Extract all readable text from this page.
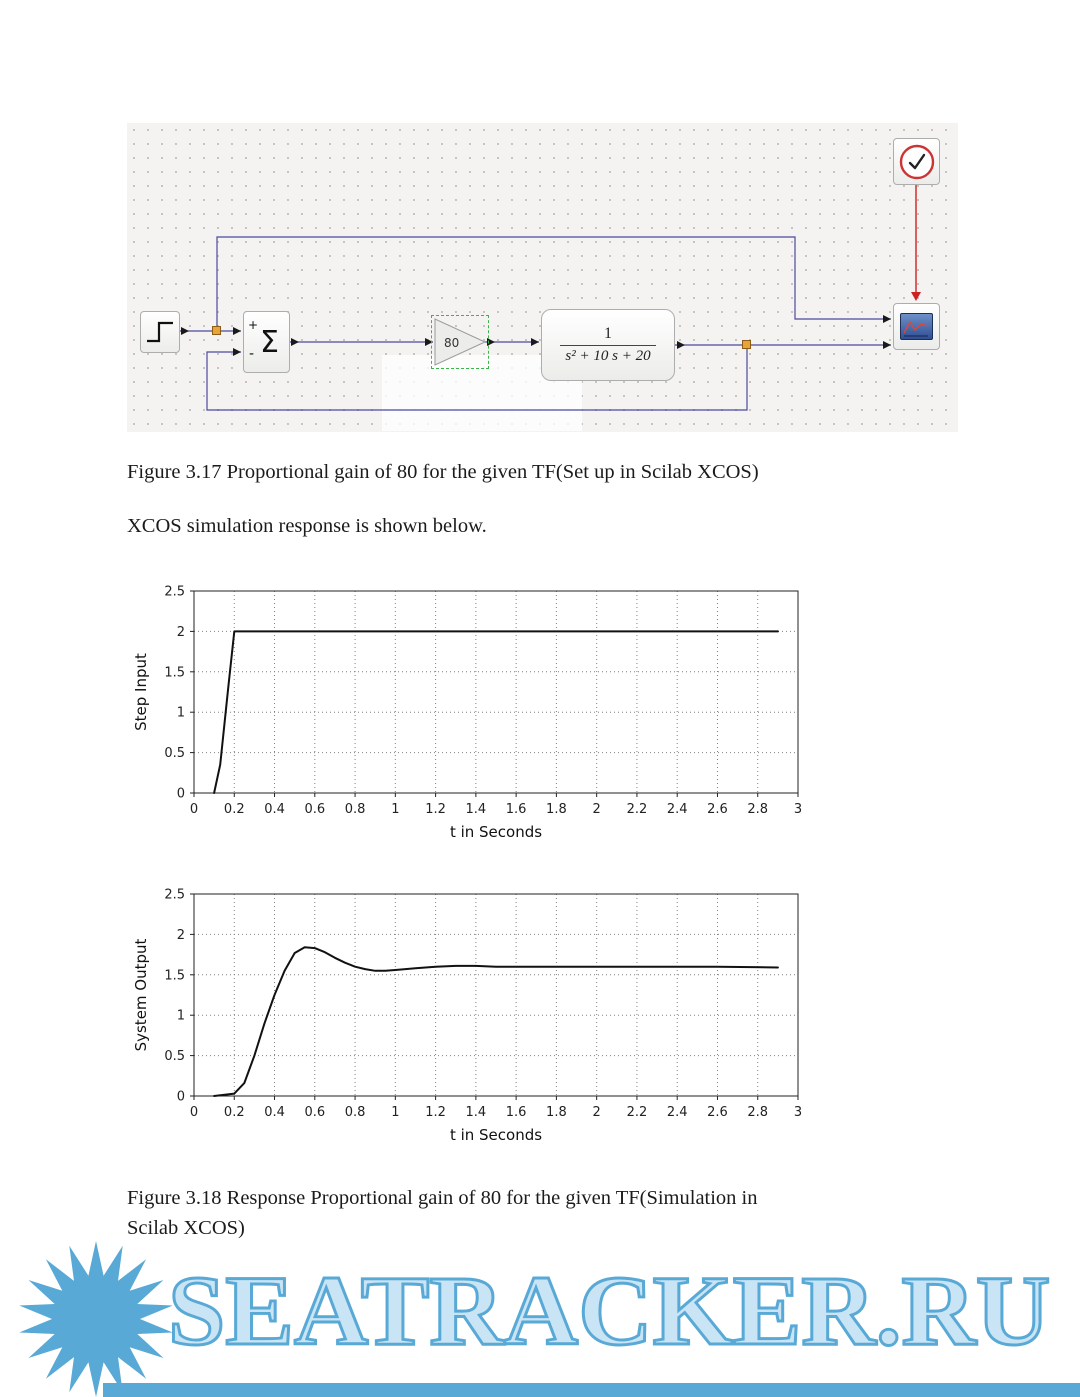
+
- Σ	80
1
s² + 10 s + 20
Figure 3.17 Proportional gain of 80 for the given TF(Set up in Scilab XCOS)
XCOS simulation response is shown below.
0 0.2 0.4 0.6 0.8 1 1.2 1.4 1.6 1.8 2 2.2 2.4 2.6 2.8 3
0
0.5
1
1.5
2
2.5
t in Seconds
Step Input
0 0.2 0.4 0.6 0.8 1 1.2 1.4 1.6 1.8 2 2.2 2.4 2.6 2.8 3
0
0.5
1
1.5
2
2.5
t in Seconds
System Output
Figure 3.18 Response Proportional gain of 80 for the given TF(Simulation in
Scilab XCOS)
SEATRACKER.RU
